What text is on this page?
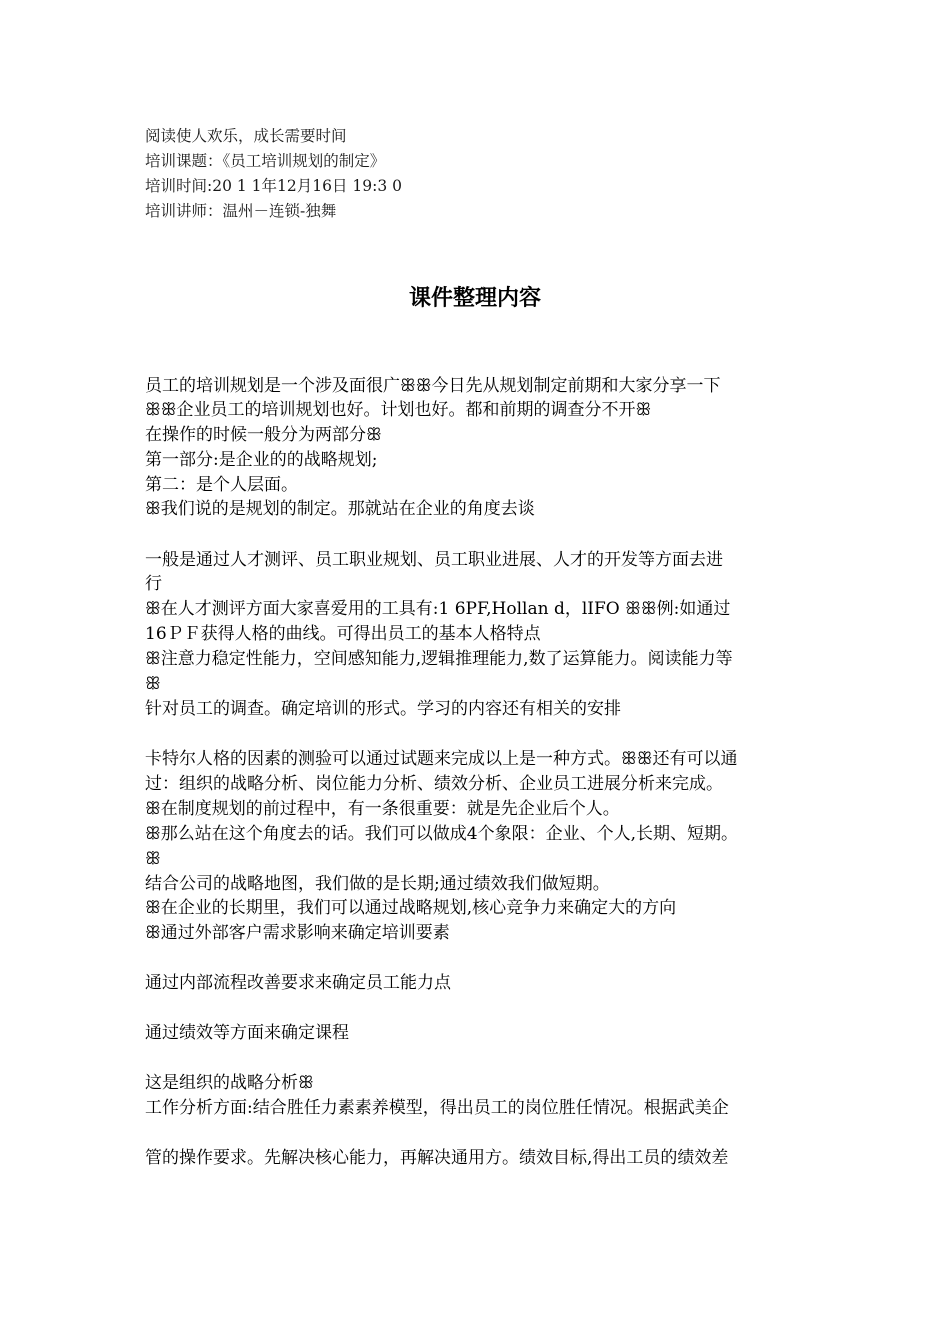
阅读使人欢乐，成长需要时间
培训课题：《员工培训规划的制定》
培训时间:20 1 1年12月16日 19:3 0
培训讲师：温州－连锁-独舞
课件整理内容
员工的培训规划是一个涉及面很广ꕥꕥ今日先从规划制定前期和大家分享一下
ꕥꕥ企业员工的培训规划也好。计划也好。都和前期的调查分不开ꕥ
在操作的时候一般分为两部分ꕥ
第一部分:是企业的的战略规划;
第二：是个人层面。
ꕥ我们说的是规划的制定。那就站在企业的角度去谈
一般是通过人才测评、员工职业规划、员工职业进展、人才的开发等方面去进
行
ꕥ在人才测评方面大家喜爱用的工具有:1 6PF,Hollan d，lIFO ꕥꕥ例:如通过
16ＰＦ获得人格的曲线。可得出员工的基本人格特点
ꕥ注意力稳定性能力，空间感知能力,逻辑推理能力,数了运算能力。阅读能力等
ꕥ
针对员工的调查。确定培训的形式。学习的内容还有相关的安排
卡特尔人格的因素的测验可以通过试题来完成以上是一种方式。ꕥꕥ还有可以通
过：组织的战略分析、岗位能力分析、绩效分析、企业员工进展分析来完成。
ꕥ在制度规划的前过程中，有一条很重要：就是先企业后个人。
ꕥ那么站在这个角度去的话。我们可以做成4个象限：企业、个人,长期、短期。
ꕥ
结合公司的战略地图，我们做的是长期;通过绩效我们做短期。
ꕥ在企业的长期里，我们可以通过战略规划,核心竞争力来确定大的方向
ꕥ通过外部客户需求影响来确定培训要素
通过内部流程改善要求来确定员工能力点
通过绩效等方面来确定课程
这是组织的战略分析ꕥ
工作分析方面:结合胜任力素素养模型，得出员工的岗位胜任情况。根据武美企
管的操作要求。先解决核心能力，再解决通用方。绩效目标,得出工员的绩效差
